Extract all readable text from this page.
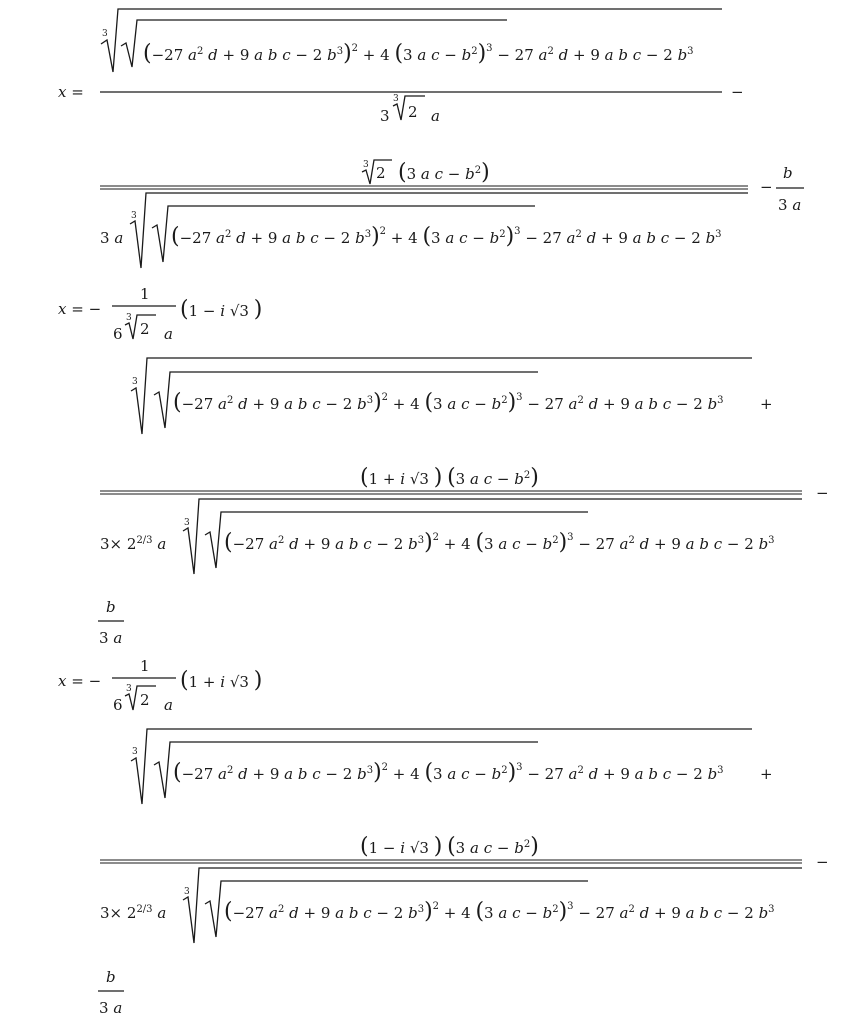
x =
3
(−27 $a^2$ d + 9 a b c − 2 $b^3)^2 + 4$ (3 a $c - b^2)^3 - 27$ $a^2$ d + 9 a b c − 2 $b^3$
3
3
2 a
−
3 2 (3 a $c - b^2$)
3 a
3
(−27 $a^2$ d + 9 a b c − 2 $b^3)^2 + 4$ (3 a $c - b^2)^3 - 27$ $a^2$ d + 9 a b c − 2 $b^3$
−
b
3 a
x = −
1
6
3
2 a
(1 − i √3 )
3
(−27 $a^2$ d + 9 a b c − 2 $b^3)^2 + 4$ (3 a $c - b^2)^3 - 27$ $a^2$ d + 9 a b c − 2 $b^3$ +
(1 + i √3 ) (3 a $c - b^2$)
−
$3\times 2^{2/3}$ a
3
(−27 $a^2$ d + 9 a b c − 2 $b^3)^2 + 4$ (3 a $c - b^2)^3 - 27$ $a^2$ d + 9 a b c − 2 $b^3$
b
3 a
x = −
1
6
3
2 a
(1 + i √3 )
3
(−27 $a^2$ d + 9 a b c − 2 $b^3)^2 + 4$ (3 a $c - b^2)^3 - 27$ $a^2$ d + 9 a b c − 2 $b^3$ +
(1 − i √3 ) (3 a $c - b^2$)
−
$3\times 2^{2/3}$ a
3
(−27 $a^2$ d + 9 a b c − 2 $b^3)^2 + 4$ (3 a $c - b^2)^3 - 27$ $a^2$ d + 9 a b c − 2 $b^3$
b
3 a
